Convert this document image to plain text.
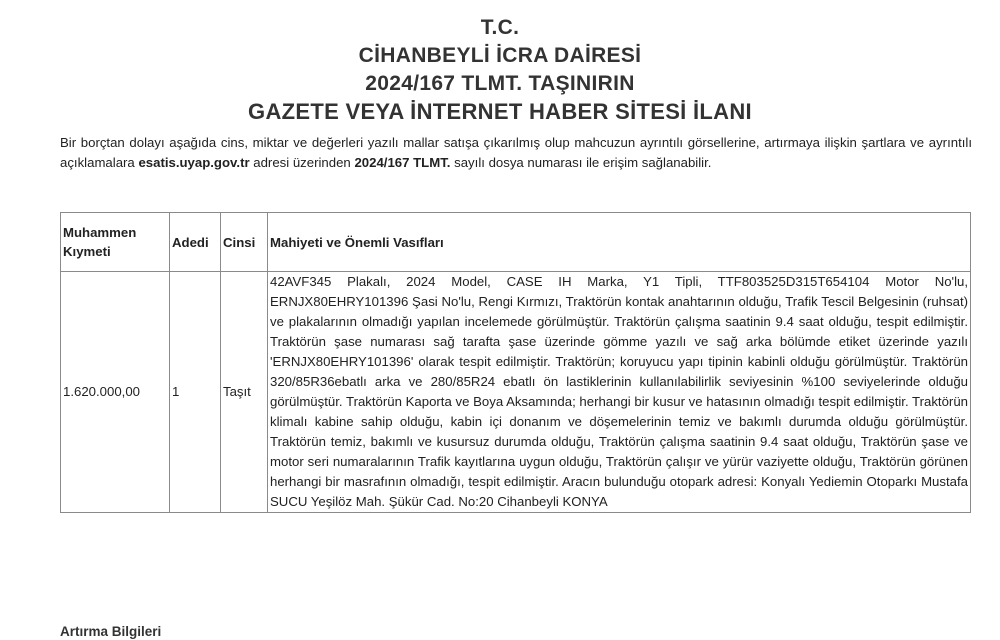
T.C.
CİHANBEYLİ İCRA DAİRESİ
2024/167 TLMT. TAŞINIRIN
GAZETE VEYA İNTERNET HABER SİTESİ İLANI
Bir borçtan dolayı aşağıda cins, miktar ve değerleri yazılı mallar satışa çıkarılmış olup mahcuzun ayrıntılı görsellerine, artırmaya ilişkin şartlara ve ayrıntılı açıklamalara esatis.uyap.gov.tr adresi üzerinden 2024/167 TLMT. sayılı dosya numarası ile erişim sağlanabilir.
Muhammen Kıymeti	Adedi	Cinsi	Mahiyeti ve Önemli Vasıfları
1.620.000,00	1	Taşıt	42AVF345 Plakalı, 2024 Model, CASE IH Marka, Y1 Tipli, TTF803525D315T654104 Motor No'lu, ERNJX80EHRY101396 Şasi No'lu, Rengi Kırmızı, Traktörün kontak anahtarının olduğu, Trafik Tescil Belgesinin (ruhsat) ve plakalarının olmadığı yapılan incelemede görülmüştür. Traktörün çalışma saatinin 9.4 saat olduğu, tespit edilmiştir. Traktörün şase numarası sağ tarafta şase üzerinde gömme yazılı ve sağ arka bölümde etiket üzerinde yazılı 'ERNJX80EHRY101396' olarak tespit edilmiştir. Traktörün; koruyucu yapı tipinin kabinli olduğu görülmüştür. Traktörün 320/85R36ebatlı arka ve 280/85R24 ebatlı ön lastiklerinin kullanılabilirlik seviyesinin %100 seviyelerinde olduğu görülmüştür. Traktörün Kaporta ve Boya Aksamında; herhangi bir kusur ve hatasının olmadığı tespit edilmiştir. Traktörün klimalı kabine sahip olduğu, kabin içi donanım ve döşemelerinin temiz ve bakımlı durumda olduğu görülmüştür. Traktörün temiz, bakımlı ve kusursuz durumda olduğu, Traktörün çalışma saatinin 9.4 saat olduğu, Traktörün şase ve motor seri numaralarının Trafik kayıtlarına uygun olduğu, Traktörün çalışır ve yürür vaziyette olduğu, Traktörün görünen herhangi bir masrafının olmadığı, tespit edilmiştir. Aracın bulunduğu otopark adresi: Konyalı Yediemin Otoparkı Mustafa SUCU Yeşilöz Mah. Şükür Cad. No:20 Cihanbeyli KONYA
Artırma Bilgileri
